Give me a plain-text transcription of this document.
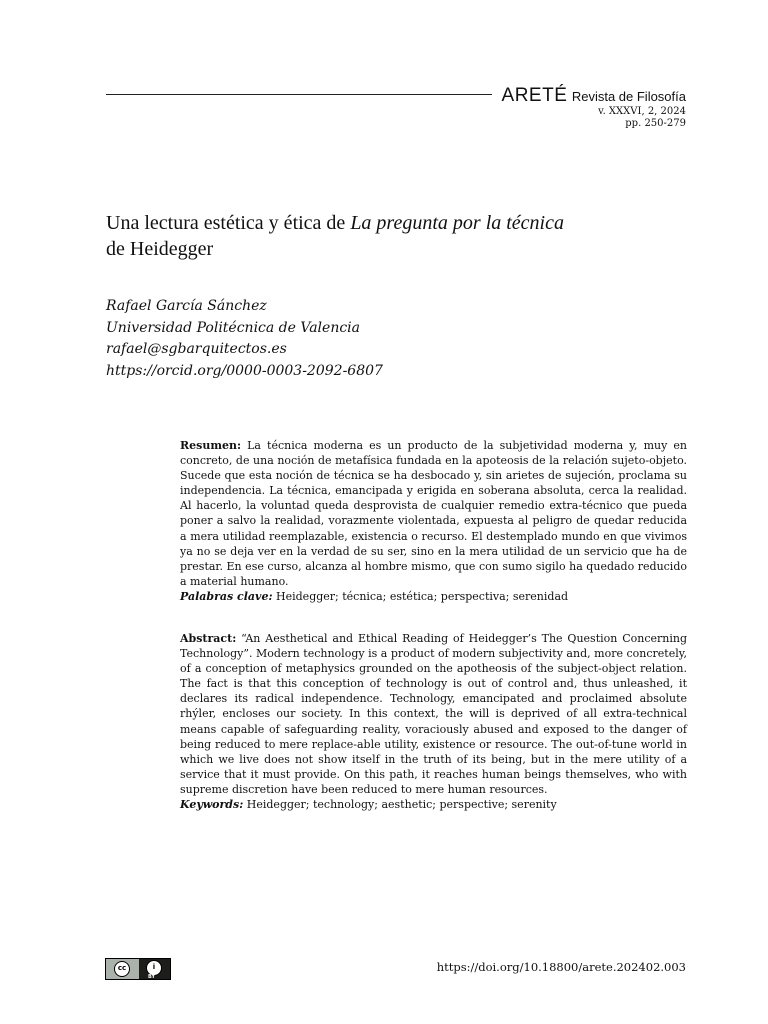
ARETÉ Revista de Filosofía
v. XXXVI, 2, 2024
pp. 250-279
Una lectura estética y ética de La pregunta por la técnica
de Heidegger
Rafael García Sánchez
Universidad Politécnica de Valencia
rafael@sgbarquitectos.es
https://orcid.org/0000-0003-2092-6807

Resumen: La técnica moderna es un producto de la subjetividad moderna y, muy en concreto, de una noción de metafísica fundada en la apoteosis de la relación sujeto-objeto. Sucede que esta noción de técnica se ha desbocado y, sin arietes de sujeción, proclama su independencia. La técnica, emancipada y erigida en soberana absoluta, cerca la realidad. Al hacerlo, la voluntad queda desprovista de cualquier remedio extra-técnico que pueda poner a salvo la realidad, vorazmente violentada, expuesta al peligro de quedar reducida a mera utilidad reemplazable, existencia o recurso. El destemplado mundo en que vivimos ya no se deja ver en la verdad de su ser, sino en la mera utilidad de un servicio que ha de prestar. En ese curso, alcanza al hombre mismo, que con sumo sigilo ha quedado reducido a material humano.

Palabras clave: Heidegger; técnica; estética; perspectiva; serenidad

Abstract: “An Aesthetical and Ethical Reading of Heidegger’s The Question Concerning Technology”. Modern technology is a product of modern subjectivity and, more concretely, of a conception of metaphysics grounded on the apotheosis of the subject-object relation. The fact is that this conception of technology is out of control and, thus unleashed, it declares its radical independence. Technology, emancipated and proclaimed absolute rhýler, encloses our society. In this context, the will is deprived of all extra-technical means capable of safeguarding reality, voraciously abused and exposed to the danger of being reduced to mere replace-able utility, existence or resource. The out-of-tune world in which we live does not show itself in the truth of its being, but in the mere utility of a service that it must provide. On this path, it reaches human beings themselves, who with supreme discretion have been reduced to mere human resources.

Keywords: Heidegger; technology; aesthetic; perspective; serenity

cc	i
BY
https://doi.org/10.18800/arete.202402.003
